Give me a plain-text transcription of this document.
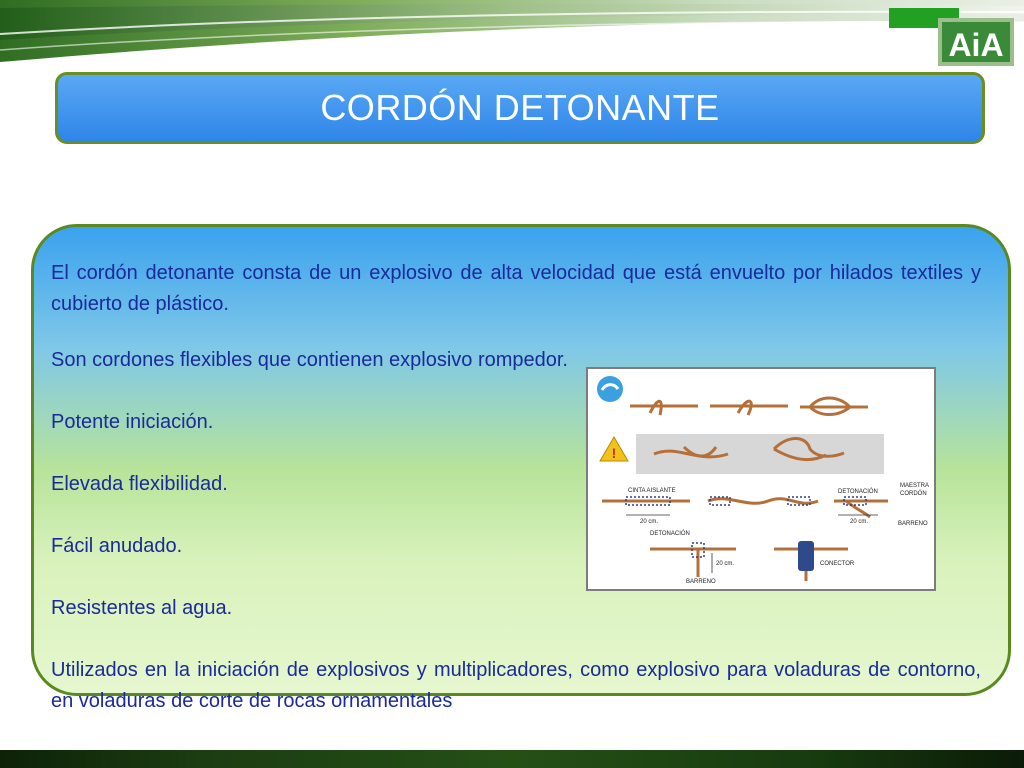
AiA
CORDÓN DETONANTE

El cordón detonante consta de un explosivo de alta velocidad que está envuelto por hilados textiles y cubierto de plástico.

Son cordones flexibles que contienen explosivo rompedor.

Potente iniciación.

Elevada flexibilidad.

Fácil anudado.

Resistentes al agua.

Utilizados en la iniciación de explosivos y multiplicadores, como explosivo para voladuras de contorno, en voladuras de corte de rocas ornamentales

!
CINTA AISLANTE
20 cm.
DETONACIÓN
MAESTRA
CORDÓN
20 cm.	BARRENO
DETONACIÓN
20 cm.
BARRENO
CONECTOR
